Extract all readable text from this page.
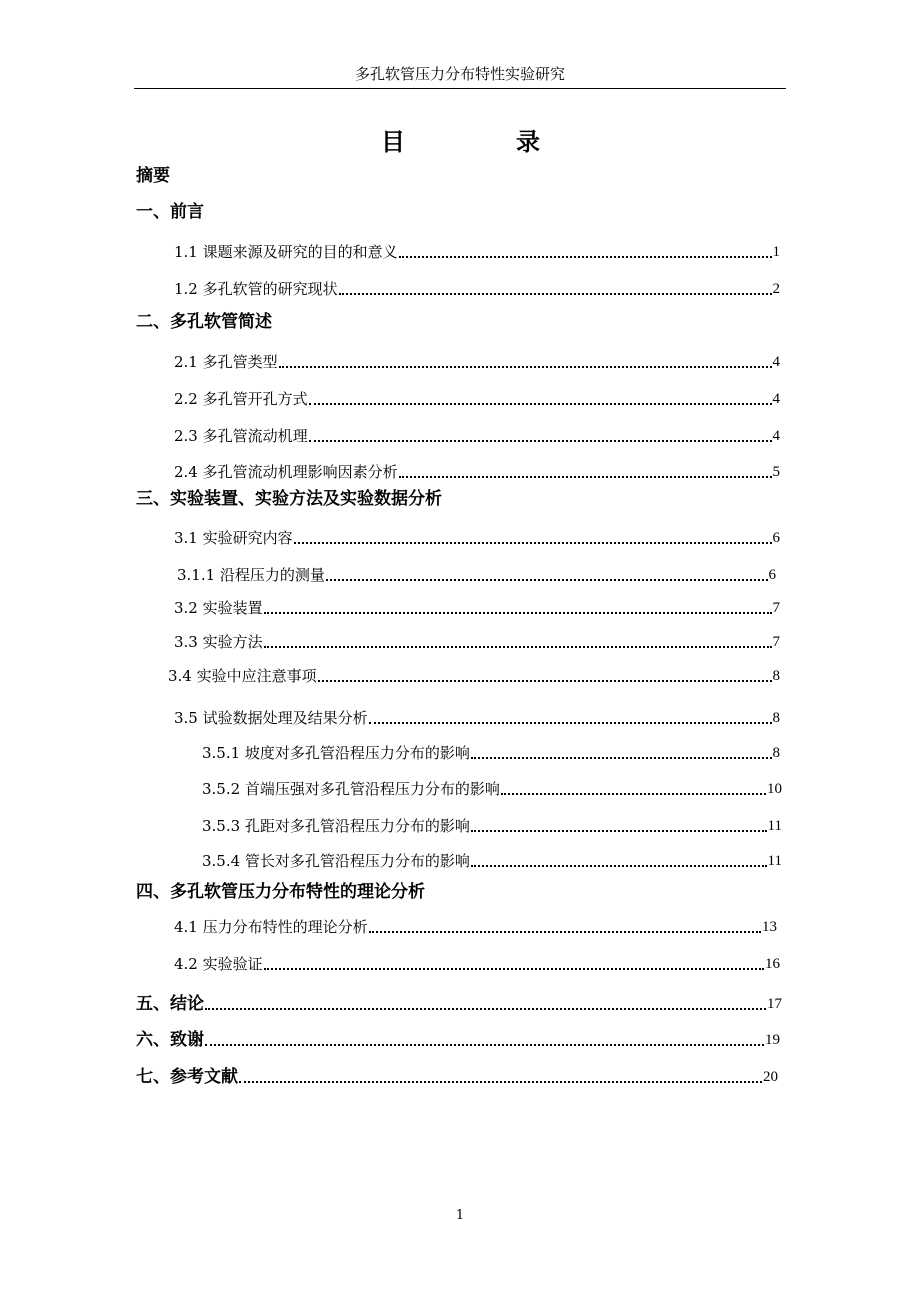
多孔软管压力分布特性实验研究
目	录
摘要
一、前言
1.1 课题来源及研究的目的和意义	1
1.2 多孔软管的研究现状	2
二、多孔软管简述
2.1 多孔管类型	4
2.2 多孔管开孔方式	4
2.3 多孔管流动机理	4
2.4 多孔管流动机理影响因素分析	5
三、实验装置、实验方法及实验数据分析
3.1 实验研究内容	6
3.1.1 沿程压力的测量	6
3.2 实验装置	7
3.3 实验方法	7
3.4 实验中应注意事项	8
3.5 试验数据处理及结果分析	8
3.5.1 坡度对多孔管沿程压力分布的影响	8
3.5.2 首端压强对多孔管沿程压力分布的影响	10
3.5.3 孔距对多孔管沿程压力分布的影响	11
3.5.4 管长对多孔管沿程压力分布的影响	11
四、多孔软管压力分布特性的理论分析
4.1 压力分布特性的理论分析	13
4.2 实验验证	16
五、结论	17
六、致谢	19
七、参考文献	20
1
